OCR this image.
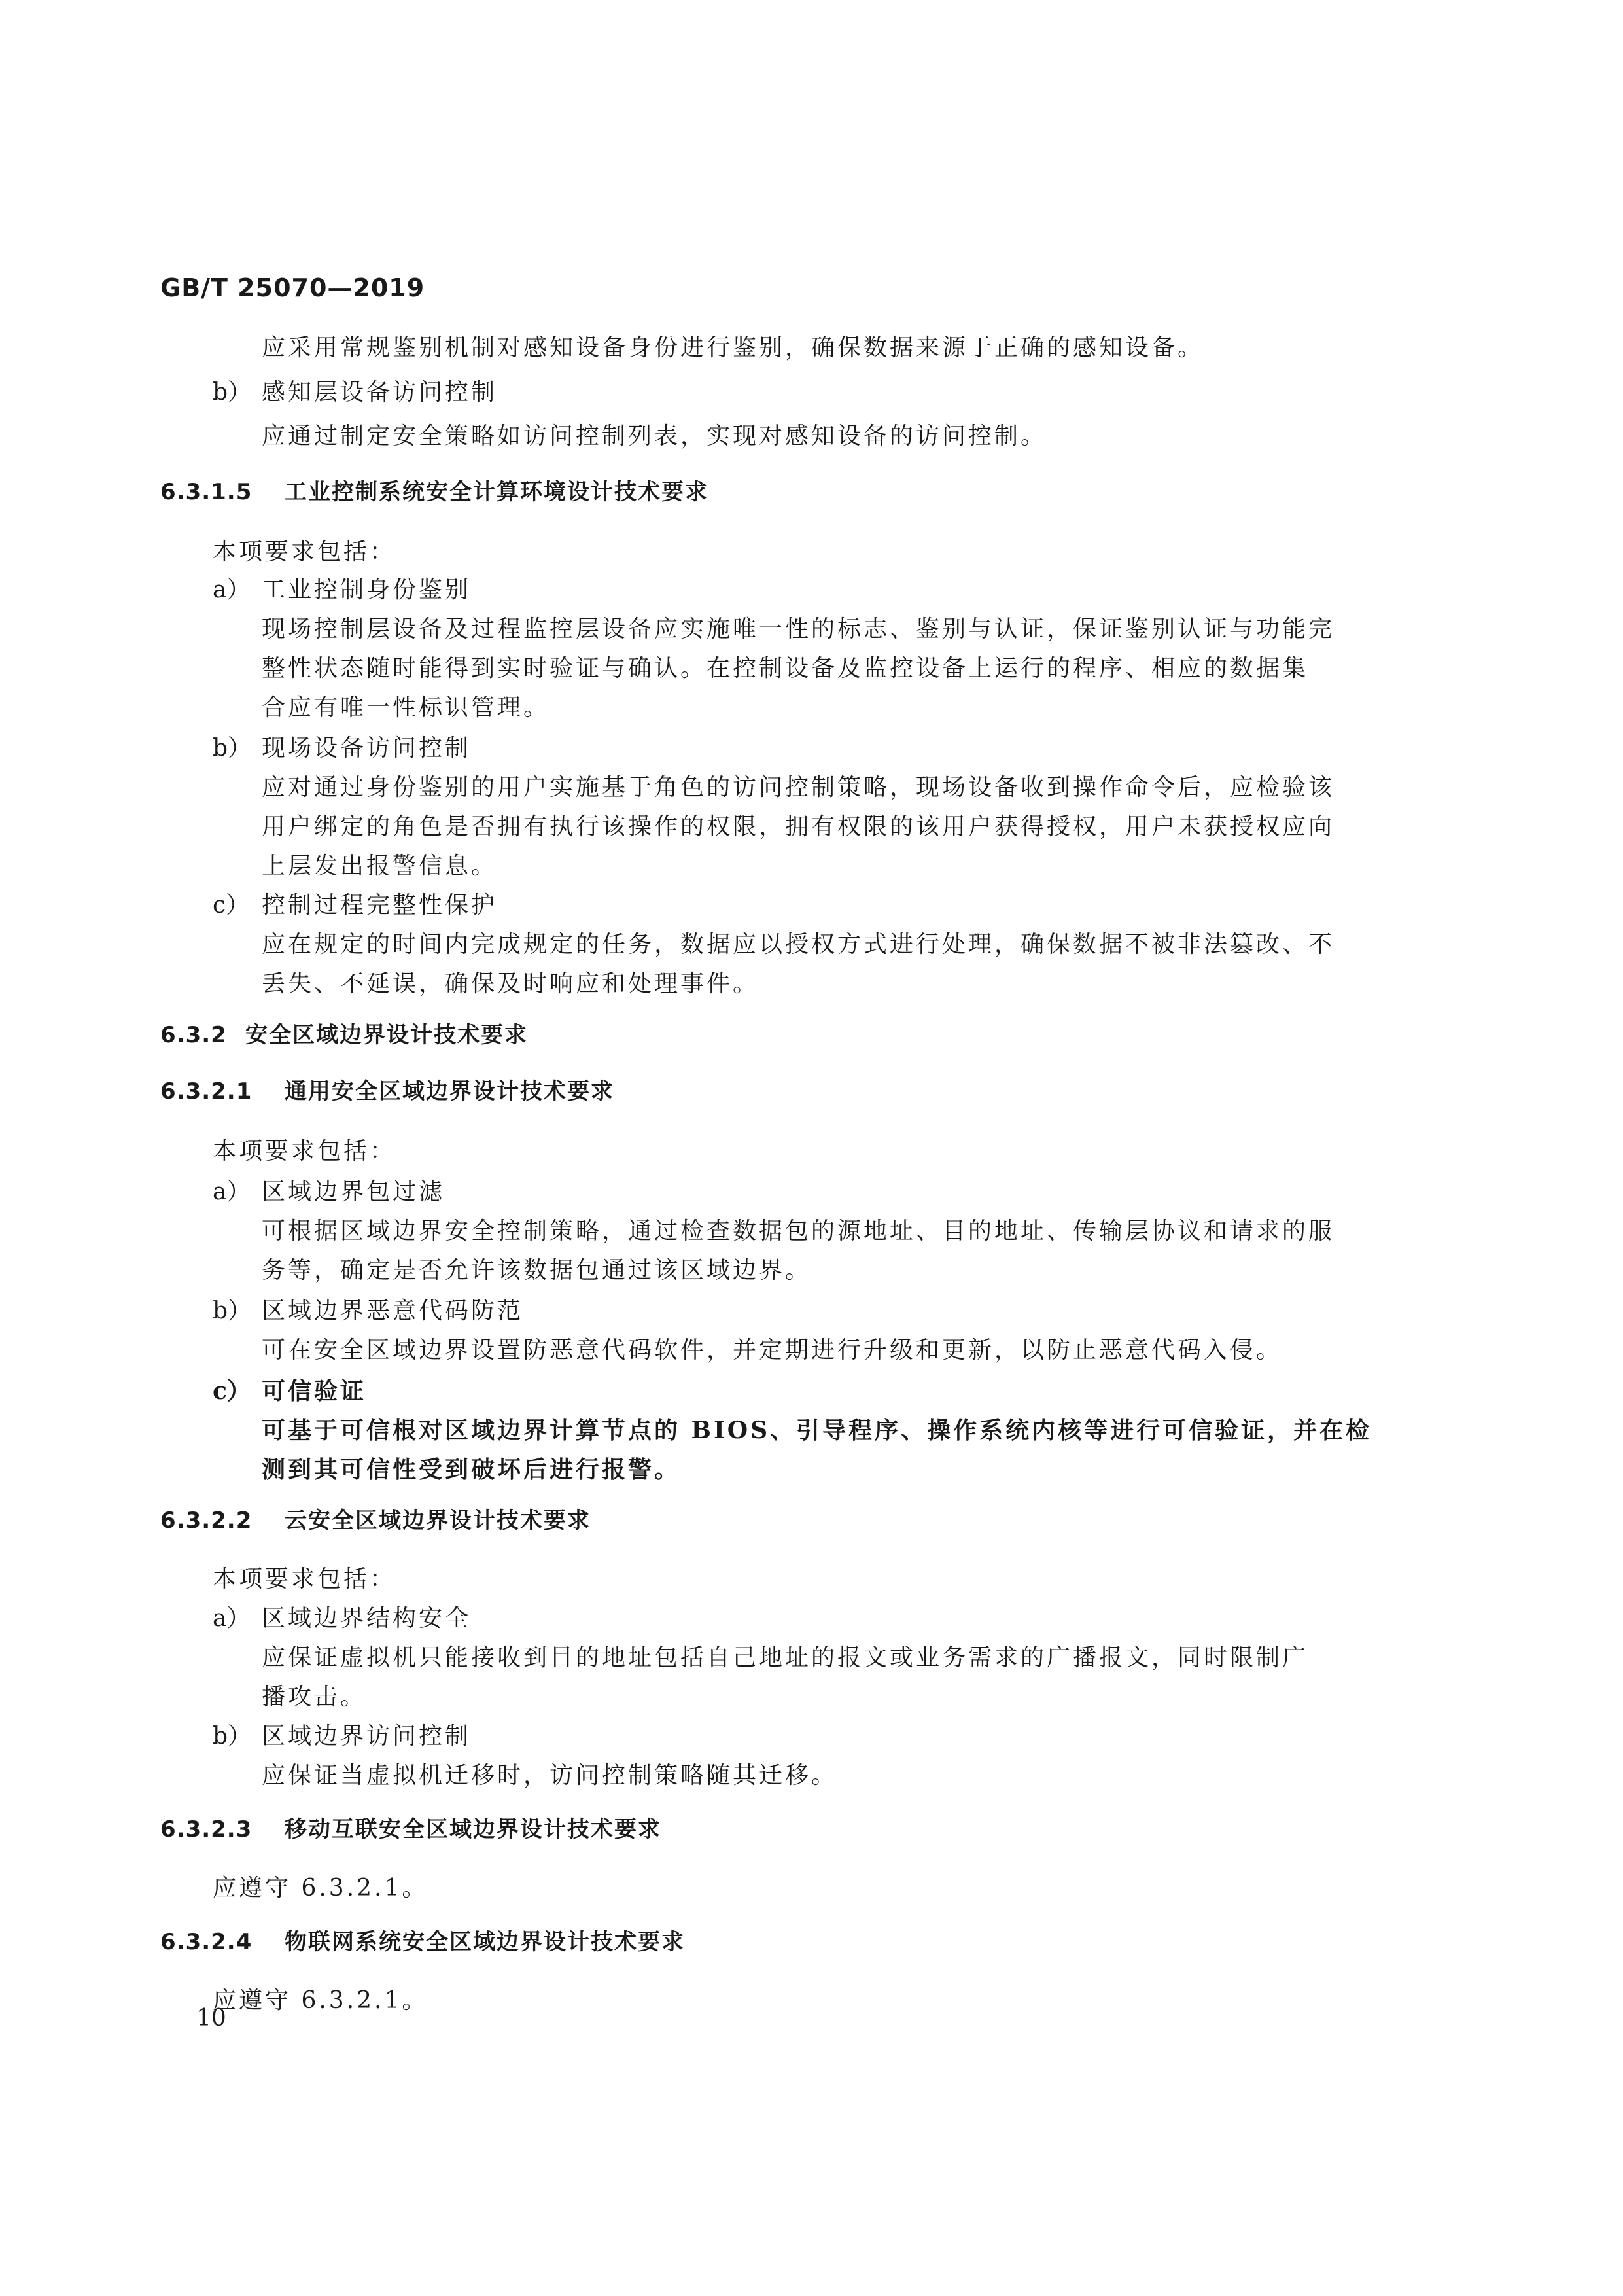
GB/T 25070—2019

应采用常规鉴别机制对感知设备身份进行鉴别，确保数据来源于正确的感知设备。

b） 感知层设备访问控制

应通过制定安全策略如访问控制列表，实现对感知设备的访问控制。

6.3.1.5 工业控制系统安全计算环境设计技术要求

本项要求包括：

a） 工业控制身份鉴别

现场控制层设备及过程监控层设备应实施唯一性的标志、鉴别与认证，保证鉴别认证与功能完

整性状态随时能得到实时验证与确认。在控制设备及监控设备上运行的程序、相应的数据集

合应有唯一性标识管理。

b） 现场设备访问控制

应对通过身份鉴别的用户实施基于角色的访问控制策略，现场设备收到操作命令后，应检验该

用户绑定的角色是否拥有执行该操作的权限，拥有权限的该用户获得授权，用户未获授权应向

上层发出报警信息。

c） 控制过程完整性保护

应在规定的时间内完成规定的任务，数据应以授权方式进行处理，确保数据不被非法篡改、不

丢失、不延误，确保及时响应和处理事件。

6.3.2 安全区域边界设计技术要求
6.3.2.1 通用安全区域边界设计技术要求

本项要求包括：

a） 区域边界包过滤

可根据区域边界安全控制策略，通过检查数据包的源地址、目的地址、传输层协议和请求的服

务等，确定是否允许该数据包通过该区域边界。

b） 区域边界恶意代码防范

可在安全区域边界设置防恶意代码软件，并定期进行升级和更新，以防止恶意代码入侵。

c） 可信验证

可基于可信根对区域边界计算节点的 BIOS、引导程序、操作系统内核等进行可信验证，并在检

测到其可信性受到破坏后进行报警。

6.3.2.2 云安全区域边界设计技术要求

本项要求包括：

a） 区域边界结构安全

应保证虚拟机只能接收到目的地址包括自己地址的报文或业务需求的广播报文，同时限制广

播攻击。

b） 区域边界访问控制

应保证当虚拟机迁移时，访问控制策略随其迁移。

6.3.2.3 移动互联安全区域边界设计技术要求

应遵守 6.3.2.1。

6.3.2.4 物联网系统安全区域边界设计技术要求

应遵守 6.3.2.1。

10
